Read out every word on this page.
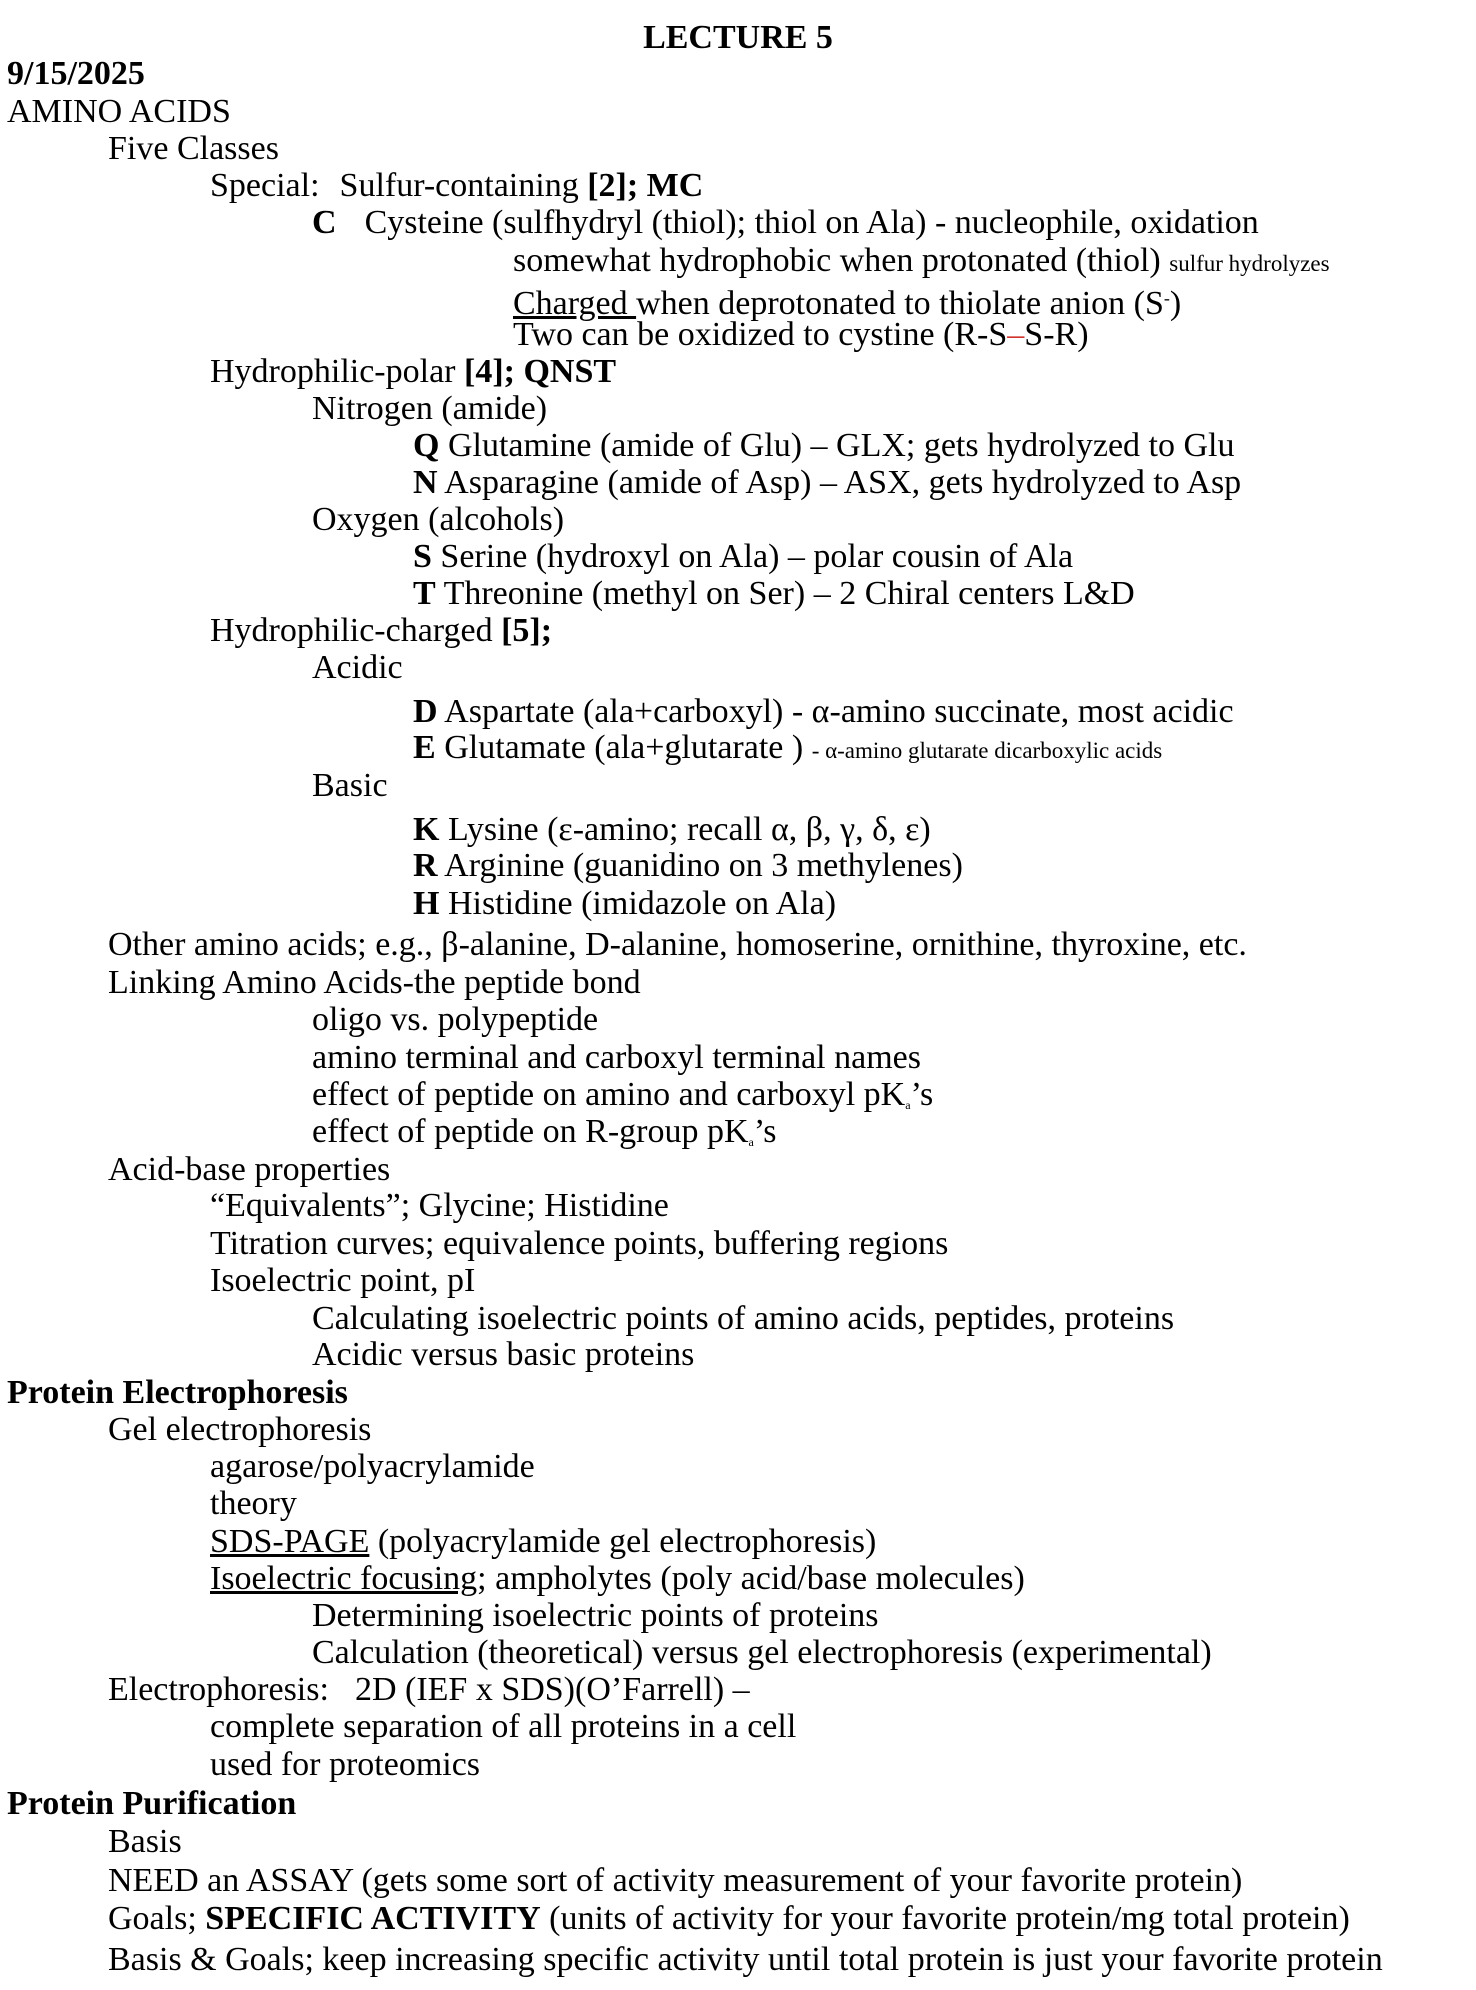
LECTURE 5
9/15/2025
AMINO ACIDS
Five Classes
Special: Sulfur-containing [2]; MC
C Cysteine (sulfhydryl (thiol); thiol on Ala) - nucleophile, oxidation
somewhat hydrophobic when protonated (thiol) sulfur hydrolyzes
Charged when deprotonated to thiolate anion (S-)
Two can be oxidized to cystine (R-S–S-R)
Hydrophilic-polar [4]; QNST
Nitrogen (amide)
Q Glutamine (amide of Glu) – GLX; gets hydrolyzed to Glu
N Asparagine (amide of Asp) – ASX, gets hydrolyzed to Asp
Oxygen (alcohols)
S Serine (hydroxyl on Ala) – polar cousin of Ala
T Threonine (methyl on Ser) – 2 Chiral centers L&D
Hydrophilic-charged [5];
Acidic
D Aspartate (ala+carboxyl) - α-amino succinate, most acidic
E Glutamate (ala+glutarate ) - α-amino glutarate dicarboxylic acids
Basic
K Lysine (ε-amino; recall α, β, γ, δ, ε)
R Arginine (guanidino on 3 methylenes)
H Histidine (imidazole on Ala)
Other amino acids; e.g., β-alanine, D-alanine, homoserine, ornithine, thyroxine, etc.
Linking Amino Acids-the peptide bond
oligo vs. polypeptide
amino terminal and carboxyl terminal names
effect of peptide on amino and carboxyl $pK_a’s$
effect of peptide on R-group $pK_a’s$
Acid-base properties
“Equivalents”; Glycine; Histidine
Titration curves; equivalence points, buffering regions
Isoelectric point, pI
Calculating isoelectric points of amino acids, peptides, proteins
Acidic versus basic proteins
Protein Electrophoresis
Gel electrophoresis
agarose/polyacrylamide
theory
SDS-PAGE (polyacrylamide gel electrophoresis)
Isoelectric focusing; ampholytes (poly acid/base molecules)
Determining isoelectric points of proteins
Calculation (theoretical) versus gel electrophoresis (experimental)
Electrophoresis: 2D (IEF x SDS)(O’Farrell) –
complete separation of all proteins in a cell
used for proteomics
Protein Purification
Basis
NEED an ASSAY (gets some sort of activity measurement of your favorite protein)
Goals; SPECIFIC ACTIVITY (units of activity for your favorite protein/mg total protein)
Basis & Goals; keep increasing specific activity until total protein is just your favorite protein
